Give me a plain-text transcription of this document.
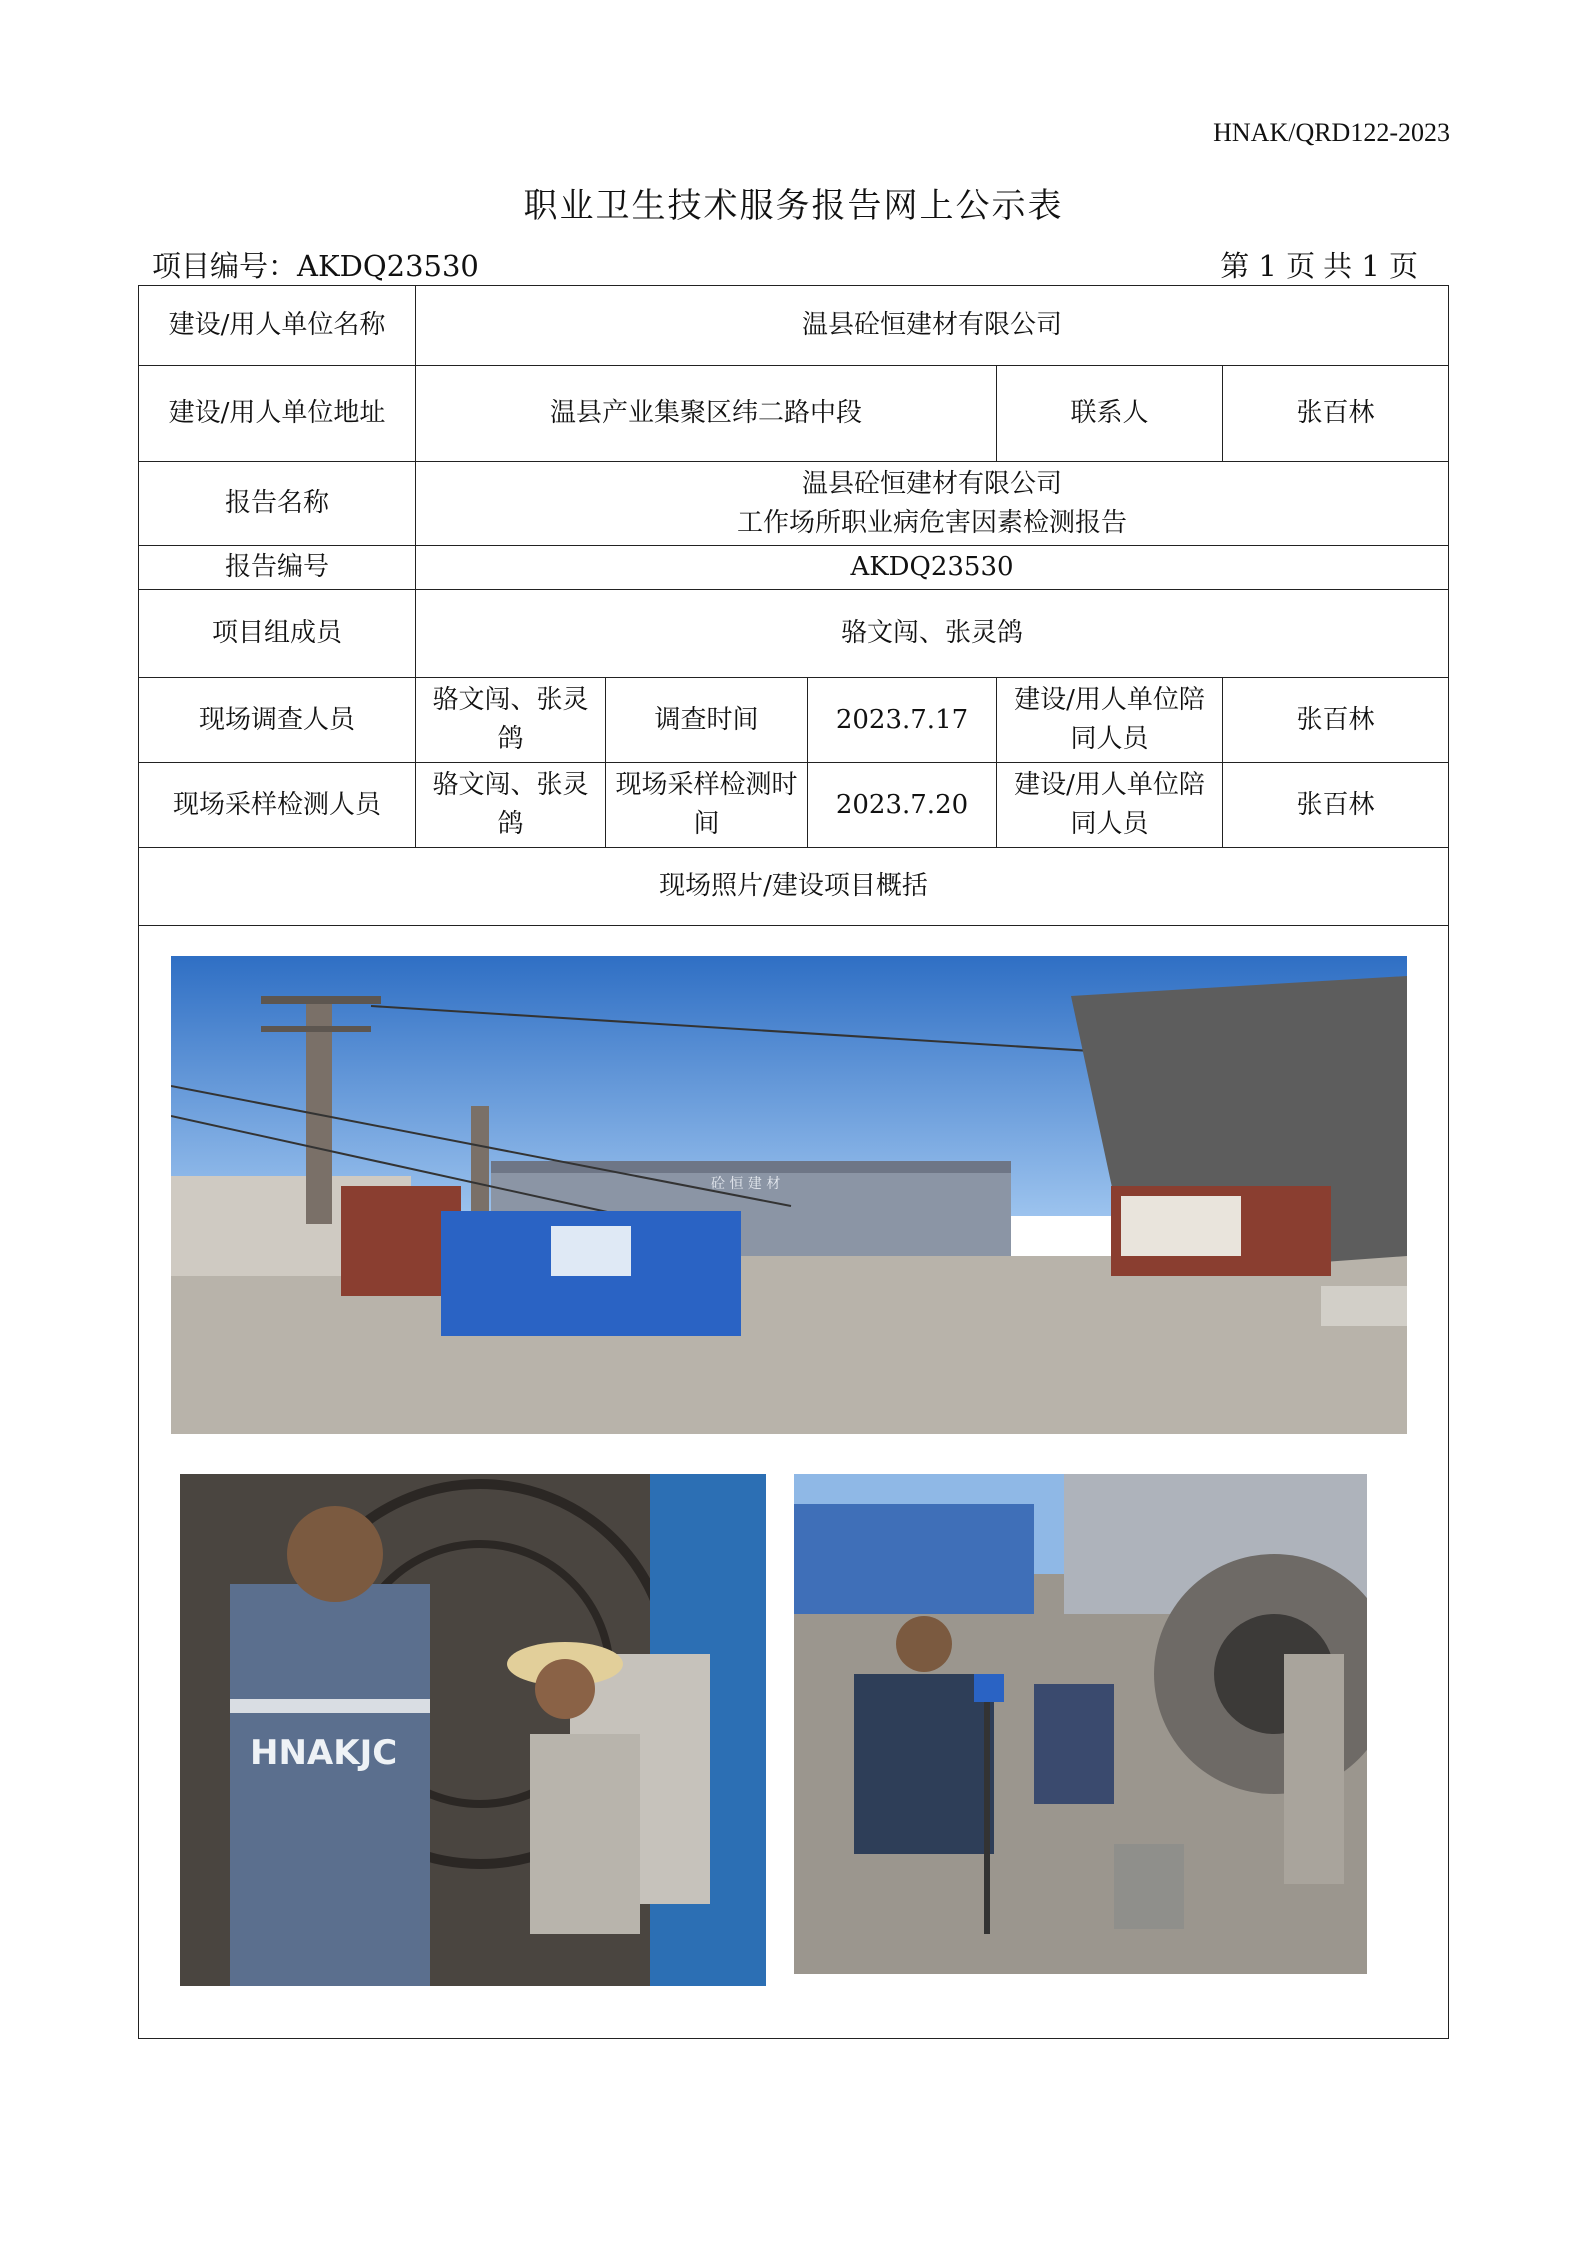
HNAK/QRD122-2023
职业卫生技术服务报告网上公示表
项目编号：AKDQ23530	第 1 页 共 1 页
建设/用人单位名称	温县砼恒建材有限公司				
建设/用人单位地址	温县产业集聚区纬二路中段			联系人	张百林
报告名称	温县砼恒建材有限公司
工作场所职业病危害因素检测报告				

报告编号	AKDQ23530				
项目组成员	骆文闯、张灵鸽				
现场调查人员	骆文闯、张灵鸽	调查时间	2023.7.17	建设/用人单位陪同人员	张百林
现场采样检测人员	骆文闯、张灵鸽	现场采样检测时间	2023.7.20	建设/用人单位陪同人员	张百林
现场照片/建设项目概括					

砼 恒 建 材
HNAKJC					
